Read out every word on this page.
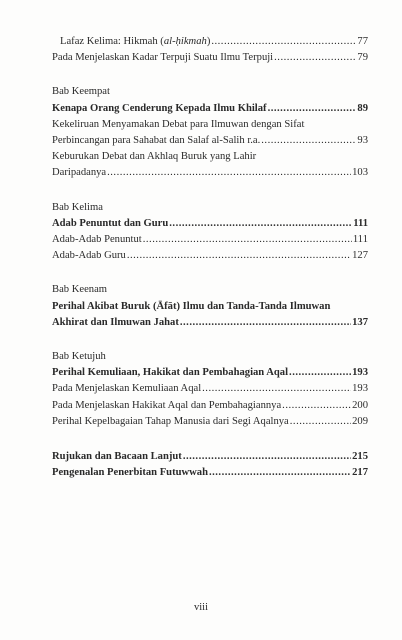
Lafaz Kelima: Hikmah (al-ḥikmah) .....	77
Pada Menjelaskan Kadar Terpuji Suatu Ilmu Terpuji .....	79
Bab Keempat
Kenapa Orang Cenderung Kepada Ilmu Khilaf .....	89
Kekeliruan Menyamakan Debat para Ilmuwan dengan Sifat
Perbincangan para Sahabat dan Salaf al-Salih r.a. .....	93
Keburukan Debat dan Akhlaq Buruk yang Lahir
Daripadanya .....	103
Bab Kelima
Adab Penuntut dan Guru .....	111
Adab-Adab Penuntut .....	111
Adab-Adab Guru .....	127
Bab Keenam
Perihal Akibat Buruk (Āfāt) Ilmu dan Tanda-Tanda Ilmuwan
Akhirat dan Ilmuwan Jahat .....	137
Bab Ketujuh
Perihal Kemuliaan, Hakikat dan Pembahagian Aqal .....	193
Pada Menjelaskan Kemuliaan Aqal .....	193
Pada Menjelaskan Hakikat Aqal dan Pembahagiannya .....	200
Perihal Kepelbagaian Tahap Manusia dari Segi Aqalnya .....	209
Rujukan dan Bacaan Lanjut .....	215
Pengenalan Penerbitan Futuwwah .....	217
viii
